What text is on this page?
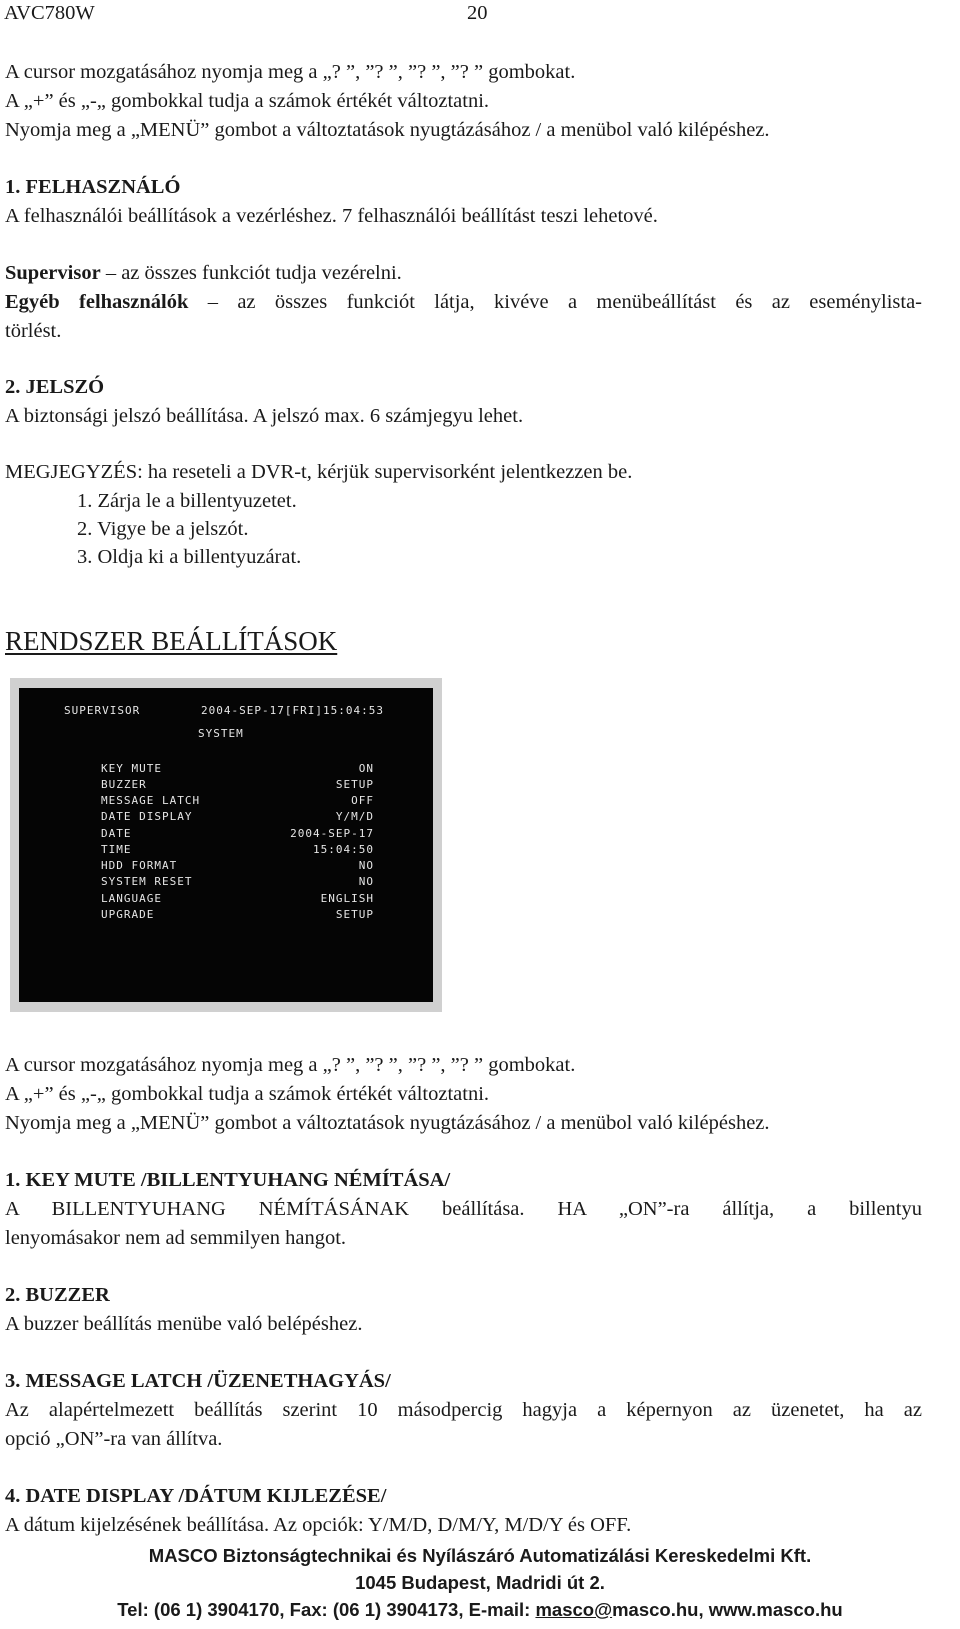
AVC780W	20
A cursor mozgatásához nyomja meg a „? ”, ”? ”, ”? ”, ”? ” gombokat.
A „+” és „-„ gombokkal tudja a számok értékét változtatni.
Nyomja meg a „MENÜ” gombot a változtatások nyugtázásához / a menübol való kilépéshez.
1. FELHASZNÁLÓ
A felhasználói beállítások a vezérléshez. 7 felhasználói beállítást teszi lehetové.
Supervisor – az összes funkciót tudja vezérelni.
Egyéb felhasználók – az összes funkciót látja, kivéve a menübeállítást és az eseménylista-
törlést.
2. JELSZÓ
A biztonsági jelszó beállítása. A jelszó max. 6 számjegyu lehet.
MEGJEGYZÉS: ha reseteli a DVR-t, kérjük supervisorként jelentkezzen be.
1. Zárja le a billentyuzetet.
2. Vigye be a jelszót.
3. Oldja ki a billentyuzárat.
RENDSZER BEÁLLÍTÁSOK
SUPERVISOR	2004-SEP-17[FRI]15:04:53
SYSTEM
KEY MUTE	ON
BUZZER	SETUP
MESSAGE LATCH	OFF
DATE DISPLAY	Y/M/D
DATE	2004-SEP-17
TIME	15:04:50
HDD FORMAT	NO
SYSTEM RESET	NO
LANGUAGE	ENGLISH
UPGRADE	SETUP
A cursor mozgatásához nyomja meg a „? ”, ”? ”, ”? ”, ”? ” gombokat.
A „+” és „-„ gombokkal tudja a számok értékét változtatni.
Nyomja meg a „MENÜ” gombot a változtatások nyugtázásához / a menübol való kilépéshez.
1. KEY MUTE /BILLENTYUHANG NÉMÍTÁSA/
A BILLENTYUHANG NÉMÍTÁSÁNAK beállítása. HA „ON”-ra állítja, a billentyu
lenyomásakor nem ad semmilyen hangot.
2. BUZZER
A buzzer beállítás menübe való belépéshez.
3. MESSAGE LATCH /ÜZENETHAGYÁS/
Az alapértelmezett beállítás szerint 10 másodpercig hagyja a képernyon az üzenetet, ha az
opció „ON”-ra van állítva.
4. DATE DISPLAY /DÁTUM KIJLEZÉSE/
A dátum kijelzésének beállítása. Az opciók: Y/M/D, D/M/Y, M/D/Y és OFF.
MASCO Biztonságtechnikai és Nyílászáró Automatizálási Kereskedelmi Kft.
1045 Budapest, Madridi út 2.
Tel: (06 1) 3904170, Fax: (06 1) 3904173, E-mail: masco@masco.hu, www.masco.hu
